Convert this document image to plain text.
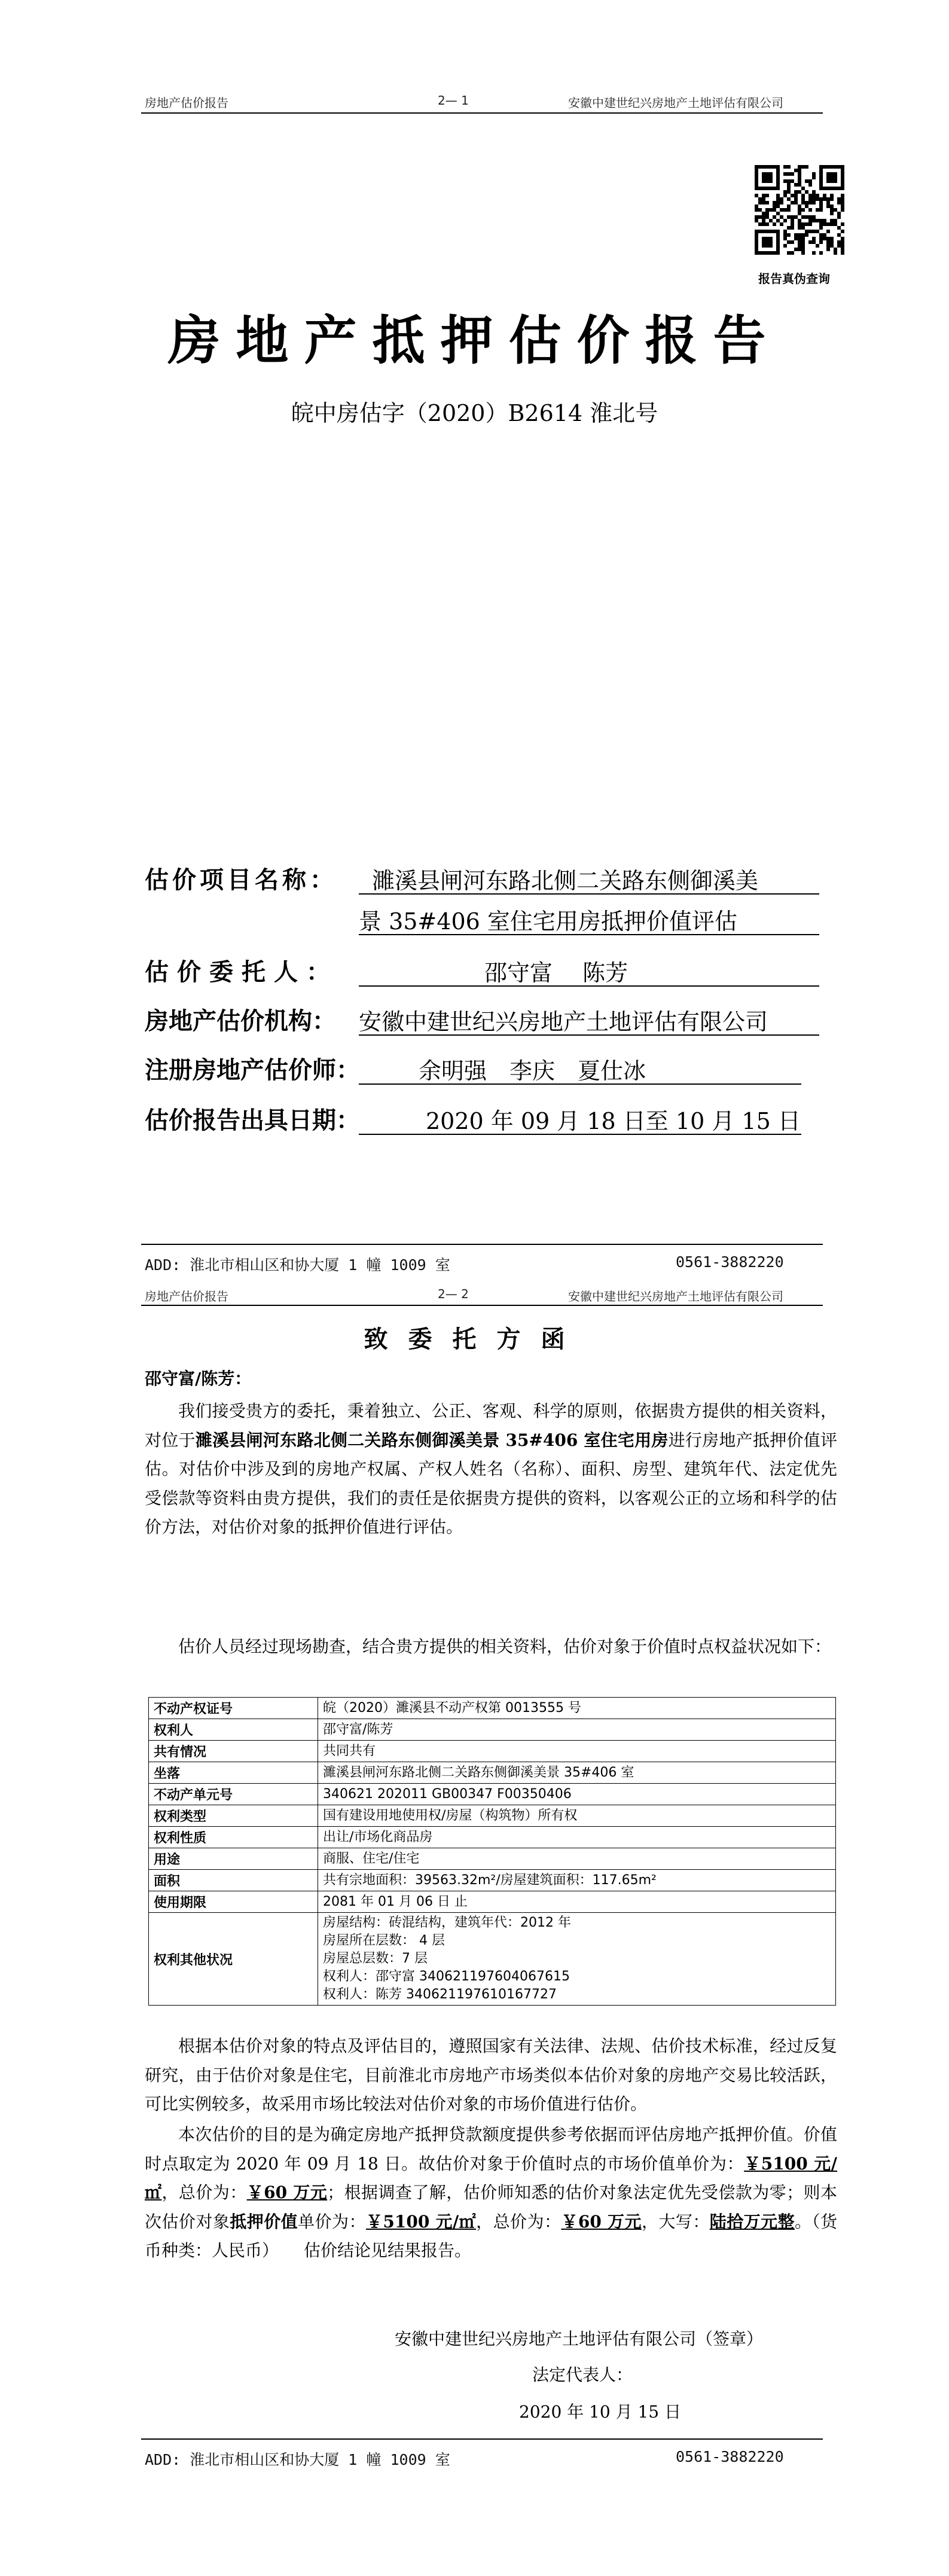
房地产估价报告	2— 1	安徽中建世纪兴房地产土地评估有限公司
报告真伪查询
房地产抵押估价报告
皖中房估字（2020）B2614 淮北号
估价项目名称： 濉溪县闸河东路北侧二关路东侧御溪美
景 35#406 室住宅用房抵押价值评估
估价委托人：	邵守富　 陈芳
房地产估价机构： 安徽中建世纪兴房地产土地评估有限公司
注册房地产估价师：	余明强　李庆　夏仕冰
估价报告出具日期：	2020 年 09 月 18 日至 10 月 15 日
ADD: 淮北市相山区和协大厦 1 幢 1009 室	0561-3882220
房地产估价报告	2— 2	安徽中建世纪兴房地产土地评估有限公司
致委托方函
邵守富/陈芳：
我们接受贵方的委托，秉着独立、公正、客观、科学的原则，依据贵方提供的相关资料，对位于濉溪县闸河东路北侧二关路东侧御溪美景 35#406 室住宅用房进行房地产抵押价值评估。对估价中涉及到的房地产权属、产权人姓名（名称）、面积、房型、建筑年代、法定优先受偿款等资料由贵方提供，我们的责任是依据贵方提供的资料，以客观公正的立场和科学的估价方法，对估价对象的抵押价值进行评估。
估价人员经过现场勘查，结合贵方提供的相关资料，估价对象于价值时点权益状况如下：
不动产权证号	皖（2020）濉溪县不动产权第 0013555 号

权利人	邵守富/陈芳

共有情况	共同共有

坐落	濉溪县闸河东路北侧二关路东侧御溪美景 35#406 室

不动产单元号	340621 202011 GB00347 F00350406

权利类型	国有建设用地使用权/房屋（构筑物）所有权

权利性质	出让/市场化商品房

用途	商服、住宅/住宅

面积	共有宗地面积：39563.32m²/房屋建筑面积：117.65m²

使用期限	2081 年 01 月 06 日 止

权利其他状况	房屋结构：砖混结构，建筑年代：2012 年
房屋所在层数： 4 层
房屋总层数：7 层
权利人：邵守富 340621197604067615
权利人：陈芳 340621197610167727
根据本估价对象的特点及评估目的，遵照国家有关法律、法规、估价技术标准，经过反复研究，由于估价对象是住宅，目前淮北市房地产市场类似本估价对象的房地产交易比较活跃，可比实例较多，故采用市场比较法对估价对象的市场价值进行估价。
本次估价的目的是为确定房地产抵押贷款额度提供参考依据而评估房地产抵押价值。价值时点取定为 2020 年 09 月 18 日。故估价对象于价值时点的市场价值单价为：￥5100 元/㎡，总价为：￥60 万元；根据调查了解，估价师知悉的估价对象法定优先受偿款为零；则本次估价对象抵押价值单价为：￥5100 元/㎡，总价为：￥60 万元，大写：陆拾万元整。（货币种类：人民币）　　估价结论见结果报告。
安徽中建世纪兴房地产土地评估有限公司（签章）
法定代表人：
2020 年 10 月 15 日
ADD: 淮北市相山区和协大厦 1 幢 1009 室	0561-3882220
